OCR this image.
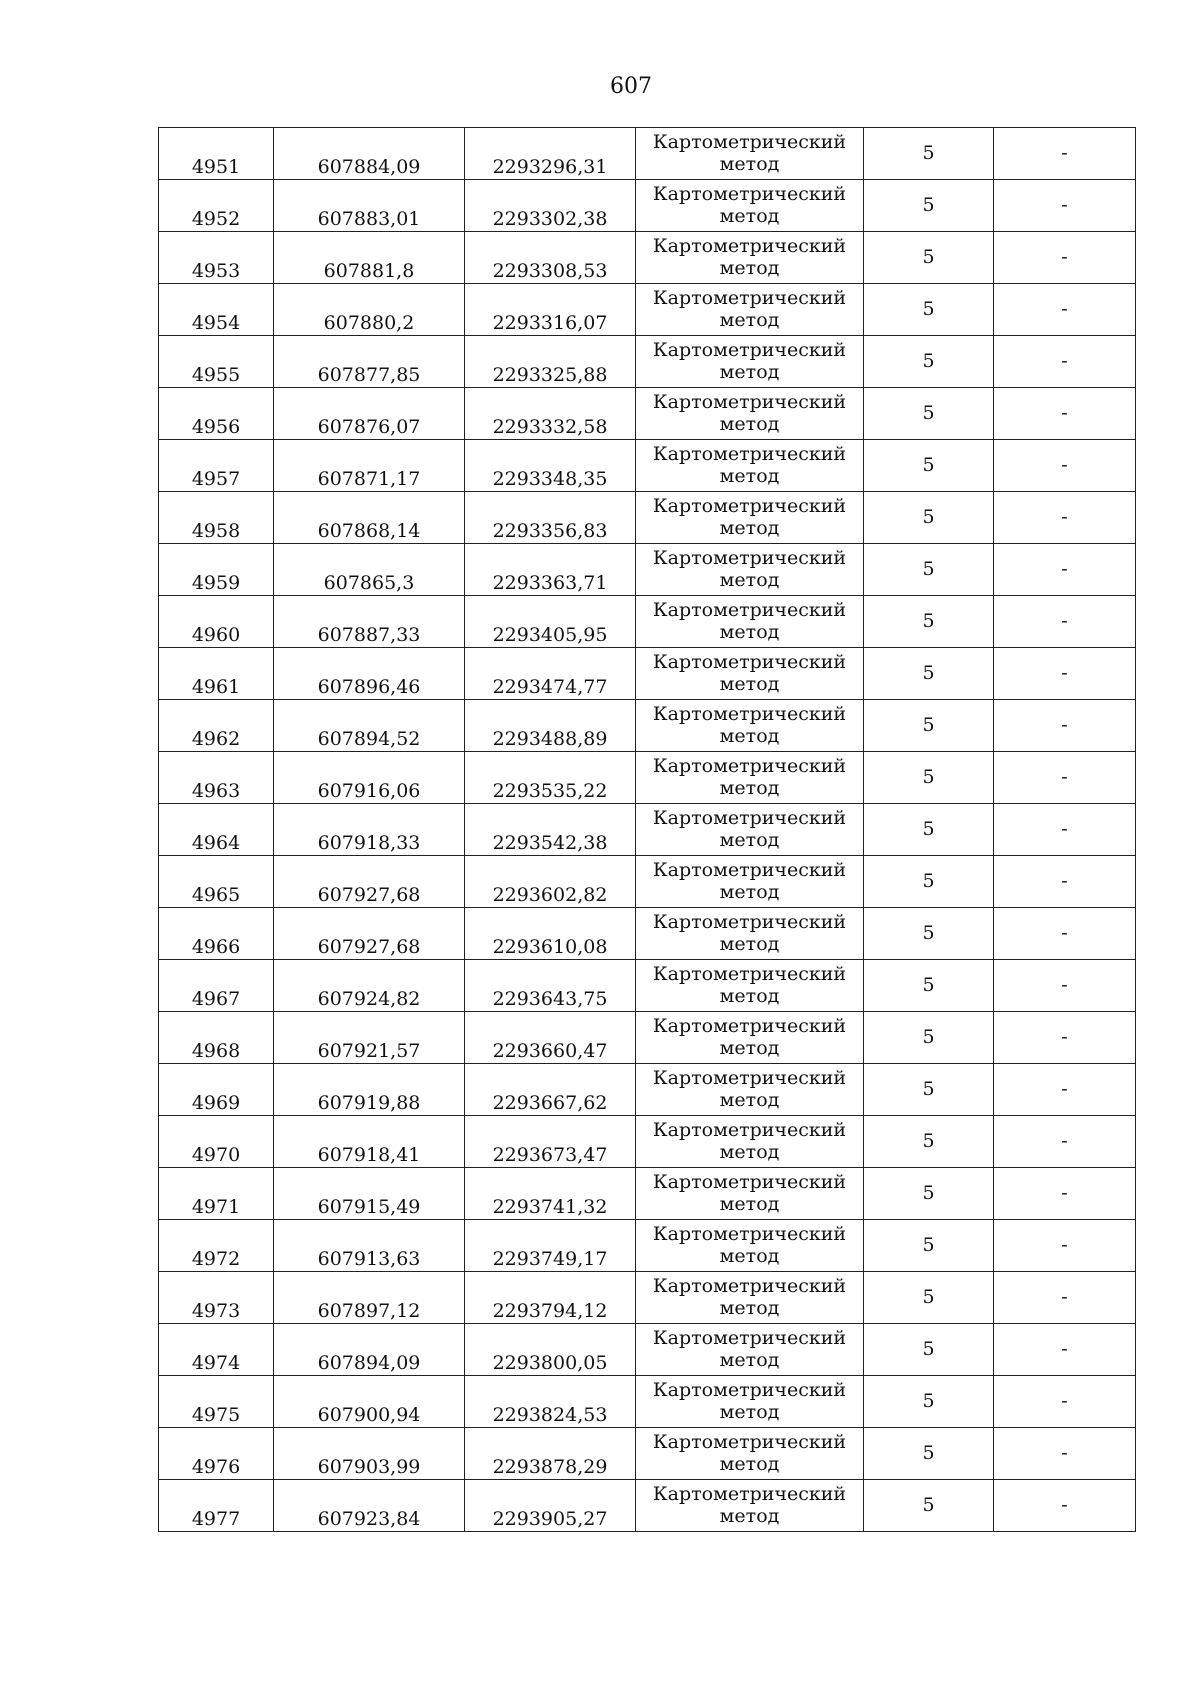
607
4951	607884,09	2293296,31	Картометрический
метод	5	-
4952	607883,01	2293302,38	Картометрический
метод	5	-
4953	607881,8	2293308,53	Картометрический
метод	5	-
4954	607880,2	2293316,07	Картометрический
метод	5	-
4955	607877,85	2293325,88	Картометрический
метод	5	-
4956	607876,07	2293332,58	Картометрический
метод	5	-
4957	607871,17	2293348,35	Картометрический
метод	5	-
4958	607868,14	2293356,83	Картометрический
метод	5	-
4959	607865,3	2293363,71	Картометрический
метод	5	-
4960	607887,33	2293405,95	Картометрический
метод	5	-
4961	607896,46	2293474,77	Картометрический
метод	5	-
4962	607894,52	2293488,89	Картометрический
метод	5	-
4963	607916,06	2293535,22	Картометрический
метод	5	-
4964	607918,33	2293542,38	Картометрический
метод	5	-
4965	607927,68	2293602,82	Картометрический
метод	5	-
4966	607927,68	2293610,08	Картометрический
метод	5	-
4967	607924,82	2293643,75	Картометрический
метод	5	-
4968	607921,57	2293660,47	Картометрический
метод	5	-
4969	607919,88	2293667,62	Картометрический
метод	5	-
4970	607918,41	2293673,47	Картометрический
метод	5	-
4971	607915,49	2293741,32	Картометрический
метод	5	-
4972	607913,63	2293749,17	Картометрический
метод	5	-
4973	607897,12	2293794,12	Картометрический
метод	5	-
4974	607894,09	2293800,05	Картометрический
метод	5	-
4975	607900,94	2293824,53	Картометрический
метод	5	-
4976	607903,99	2293878,29	Картометрический
метод	5	-
4977	607923,84	2293905,27	Картометрический
метод	5	-
